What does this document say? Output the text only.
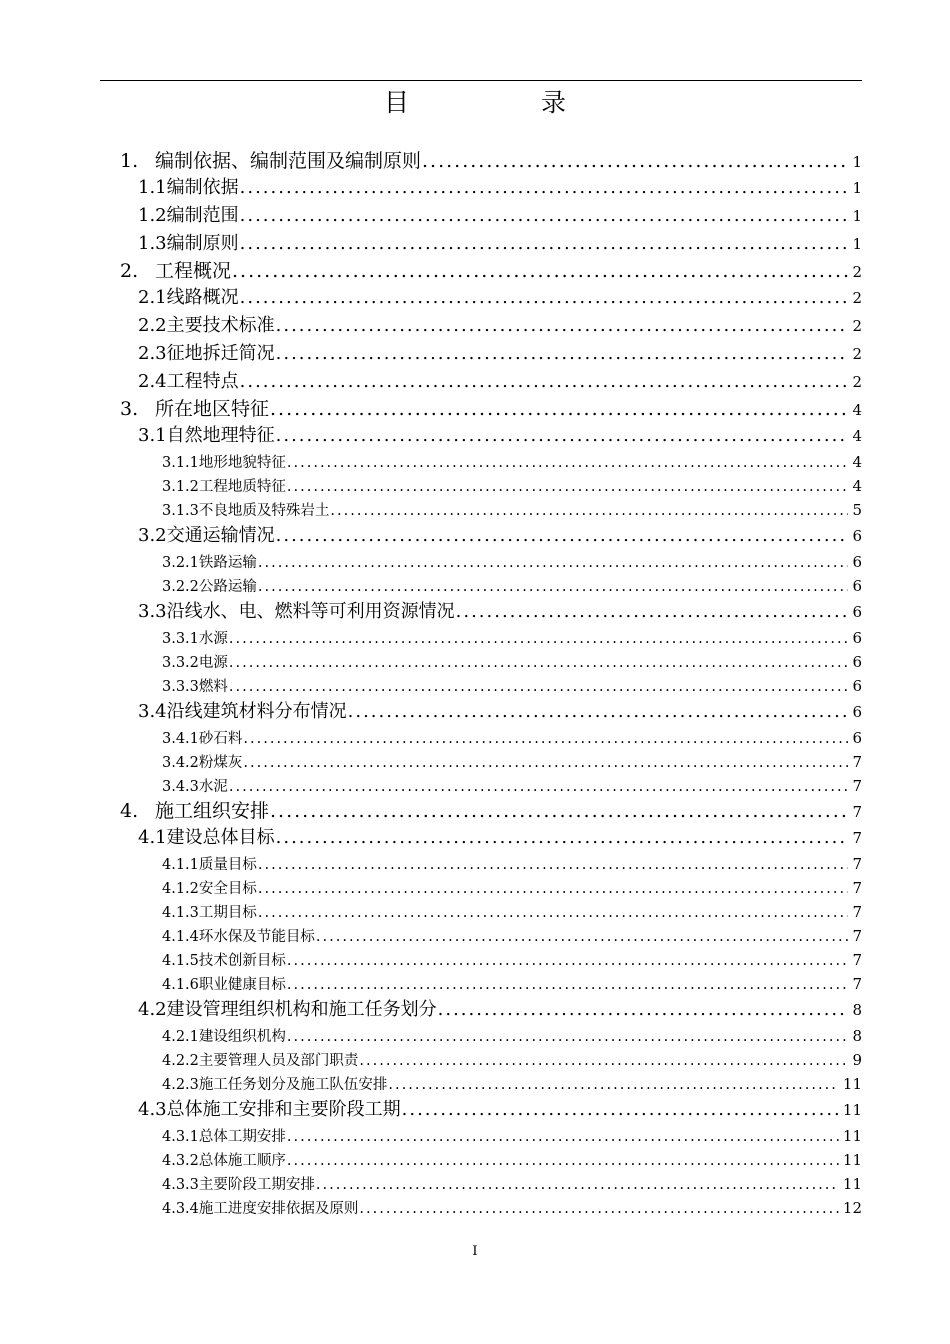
目 录
1. 编制依据、编制范围及编制原则 .....	1
1.1编制依据 .....	1
1.2编制范围 .....	1
1.3编制原则 .....	1
2. 工程概况 .....	2
2.1线路概况 .....	2
2.2主要技术标准 .....	2
2.3征地拆迁简况 .....	2
2.4工程特点 .....	2
3. 所在地区特征 .....	4
3.1自然地理特征 .....	4
3.1.1地形地貌特征 .....	4
3.1.2工程地质特征 .....	4
3.1.3不良地质及特殊岩土 .....	5
3.2交通运输情况 .....	6
3.2.1铁路运输 .....	6
3.2.2公路运输 .....	6
3.3沿线水、电、燃料等可利用资源情况 .....	6
3.3.1水源 .....	6
3.3.2电源 .....	6
3.3.3燃料 .....	6
3.4沿线建筑材料分布情况 .....	6
3.4.1砂石料 .....	6
3.4.2粉煤灰 .....	7
3.4.3水泥 .....	7
4. 施工组织安排 .....	7
4.1建设总体目标 .....	7
4.1.1质量目标 .....	7
4.1.2安全目标 .....	7
4.1.3工期目标 .....	7
4.1.4环水保及节能目标 .....	7
4.1.5技术创新目标 .....	7
4.1.6职业健康目标 .....	7
4.2建设管理组织机构和施工任务划分 .....	8
4.2.1建设组织机构 .....	8
4.2.2主要管理人员及部门职责 .....	9
4.2.3施工任务划分及施工队伍安排 .....	11
4.3总体施工安排和主要阶段工期 .....	11
4.3.1总体工期安排 .....	11
4.3.2总体施工顺序 .....	11
4.3.3主要阶段工期安排 .....	11
4.3.4施工进度安排依据及原则 .....	12
I
